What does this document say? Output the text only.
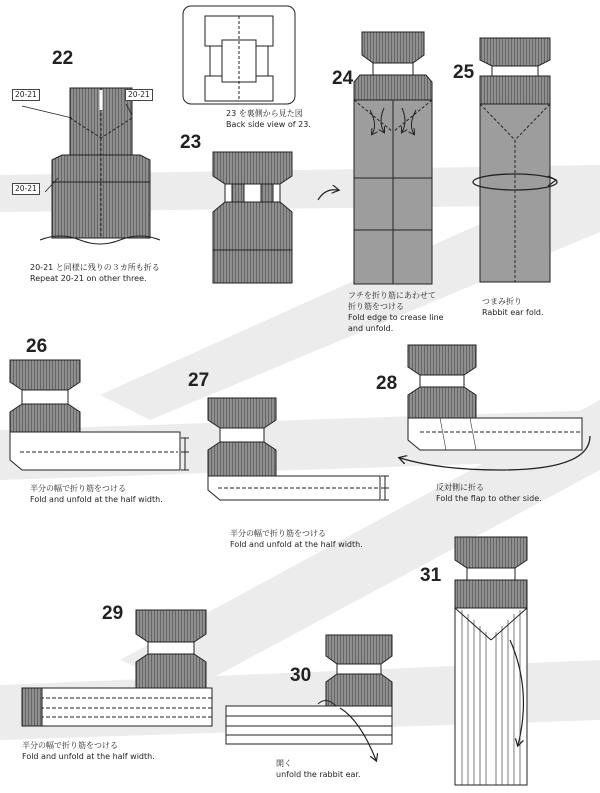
22
23
24	25
26
27	28
29
30
31
20-21	20-21
20-21
20-21 と同様に残りの３カ所も折る
Repeat 20-21 on other three.
23 を裏側から見た図
Back side view of 23.
フチを折り筋にあわせて
折り筋をつける
Fold edge to crease line
and unfold.
つまみ折り
Rabbit ear fold.
半分の幅で折り筋をつける
Fold and unfold at the half width.
半分の幅で折り筋をつける
Fold and unfold at the half width.
反対側に折る
Fold the flap to other side.
半分の幅で折り筋をつける
Fold and unfold at the half width.
開く
unfold the rabbit ear.
